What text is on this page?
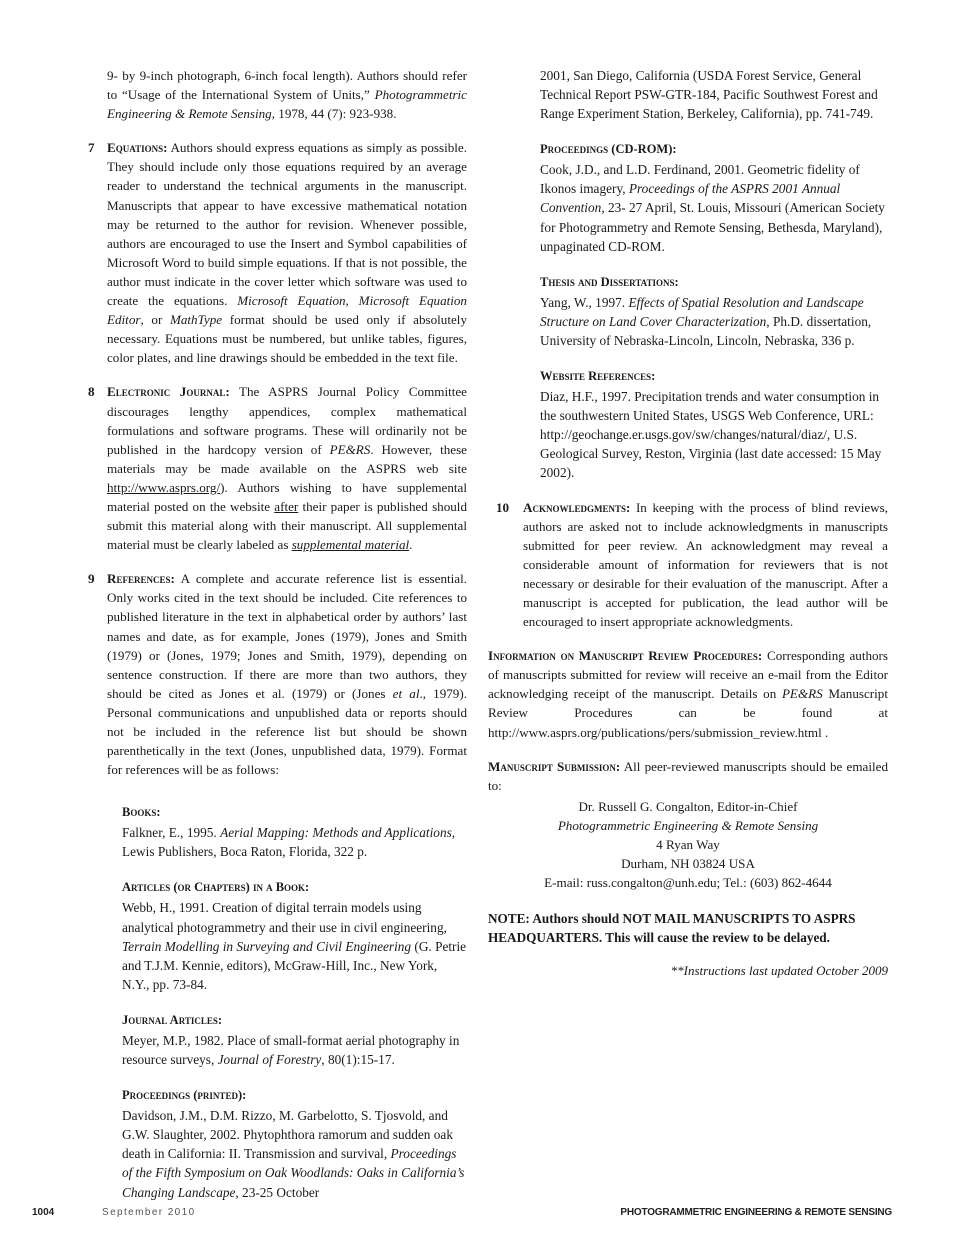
9- by 9-inch photograph, 6-inch focal length). Authors should refer to “Usage of the International System of Units,” Photogrammetric Engineering & Remote Sensing, 1978, 44 (7): 923-938.

7 Equations: Authors should express equations as simply as possible. They should include only those equations required by an average reader to understand the technical arguments in the manuscript. Manuscripts that appear to have excessive mathematical notation may be returned to the author for revision. Whenever possible, authors are encouraged to use the Insert and Symbol capabilities of Microsoft Word to build simple equations. If that is not possible, the author must indicate in the cover letter which software was used to create the equations. Microsoft Equation, Microsoft Equation Editor, or MathType format should be used only if absolutely necessary. Equations must be numbered, but unlike tables, figures, color plates, and line drawings should be embedded in the text file.

8 Electronic Journal: The ASPRS Journal Policy Committee discourages lengthy appendices, complex mathematical formulations and software programs. These will ordinarily not be published in the hardcopy version of PE&RS. However, these materials may be made available on the ASPRS web site http://www.asprs.org/). Authors wishing to have supplemental material posted on the website after their paper is published should submit this material along with their manuscript. All supplemental material must be clearly labeled as supplemental material.

9 References: A complete and accurate reference list is essential. Only works cited in the text should be included. Cite references to published literature in the text in alphabetical order by authors’ last names and date, as for example, Jones (1979), Jones and Smith (1979) or (Jones, 1979; Jones and Smith, 1979), depending on sentence construction. If there are more than two authors, they should be cited as Jones et al. (1979) or (Jones et al., 1979). Personal communications and unpublished data or reports should not be included in the reference list but should be shown parenthetically in the text (Jones, unpublished data, 1979). Format for references will be as follows:

Books:
Falkner, E., 1995. Aerial Mapping: Methods and Applications, Lewis Publishers, Boca Raton, Florida, 322 p.
Articles (or Chapters) in a Book:
Webb, H., 1991. Creation of digital terrain models using analytical photogrammetry and their use in civil engineering, Terrain Modelling in Surveying and Civil Engineering (G. Petrie and T.J.M. Kennie, editors), McGraw-Hill, Inc., New York, N.Y., pp. 73-84.
Journal Articles:
Meyer, M.P., 1982. Place of small-format aerial photography in resource surveys, Journal of Forestry, 80(1):15-17.
Proceedings (printed):
Davidson, J.M., D.M. Rizzo, M. Garbelotto, S. Tjosvold, and G.W. Slaughter, 2002. Phytophthora ramorum and sudden oak death in California: II. Transmission and survival, Proceedings of the Fifth Symposium on Oak Woodlands: Oaks in California’s Changing Landscape, 23-25 October
2001, San Diego, California (USDA Forest Service, General Technical Report PSW-GTR-184, Pacific Southwest Forest and Range Experiment Station, Berkeley, California), pp. 741-749.
Proceedings (CD-ROM):
Cook, J.D., and L.D. Ferdinand, 2001. Geometric fidelity of Ikonos imagery, Proceedings of the ASPRS 2001 Annual Convention, 23- 27 April, St. Louis, Missouri (American Society for Photogrammetry and Remote Sensing, Bethesda, Maryland), unpaginated CD-ROM.
Thesis and Dissertations:
Yang, W., 1997. Effects of Spatial Resolution and Landscape Structure on Land Cover Characterization, Ph.D. dissertation, University of Nebraska-Lincoln, Lincoln, Nebraska, 336 p.
Website References:
Diaz, H.F., 1997. Precipitation trends and water consumption in the southwestern United States, USGS Web Conference, URL: http://geochange.er.usgs.gov/sw/changes/natural/diaz/, U.S. Geological Survey, Reston, Virginia (last date accessed: 15 May 2002).
10 Acknowledgments: In keeping with the process of blind reviews, authors are asked not to include acknowledgments in manuscripts submitted for peer review. An acknowledgment may reveal a considerable amount of information for reviewers that is not necessary or desirable for their evaluation of the manuscript. After a manuscript is accepted for publication, the lead author will be encouraged to insert appropriate acknowledgments.

Information on Manuscript Review Procedures: Corresponding authors of manuscripts submitted for review will receive an e-mail from the Editor acknowledging receipt of the manuscript. Details on PE&RS Manuscript Review Procedures can be found at http://www.asprs.org/publications/pers/submission_review.html .

Manuscript Submission: All peer-reviewed manuscripts should be emailed to:

Dr. Russell G. Congalton, Editor-in-Chief
Photogrammetric Engineering & Remote Sensing
4 Ryan Way
Durham, NH 03824 USA
E-mail: russ.congalton@unh.edu; Tel.: (603) 862-4644

NOTE: Authors should NOT MAIL MANUSCRIPTS TO ASPRS HEADQUARTERS. This will cause the review to be delayed.

**Instructions last updated October 2009
1004	September 2010	PHOTOGRAMMETRIC ENGINEERING & REMOTE SENSING
